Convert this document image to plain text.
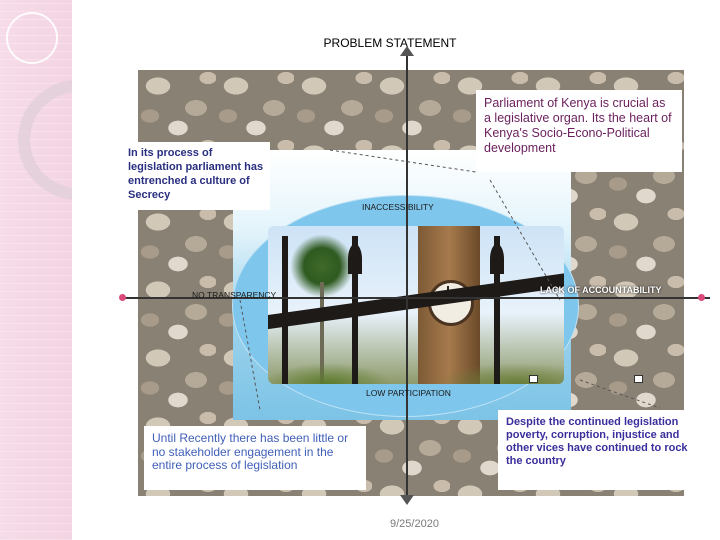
PROBLEM STATEMENT
Parliament of Kenya is crucial as a legislative organ. Its the heart of Kenya's Socio-Econo-Political development
In its process of legislation parliament has entrenched a culture of Secrecy
Until Recently there has been little or no stakeholder engagement in the entire process of legislation
Despite the continued legislation poverty, corruption, injustice and other vices have continued to rock the country
INACCESSIBILITY
NO TRANSPARENCY	LACK OF ACCOUNTABILITY
LOW PARTICIPATION
9/25/2020
